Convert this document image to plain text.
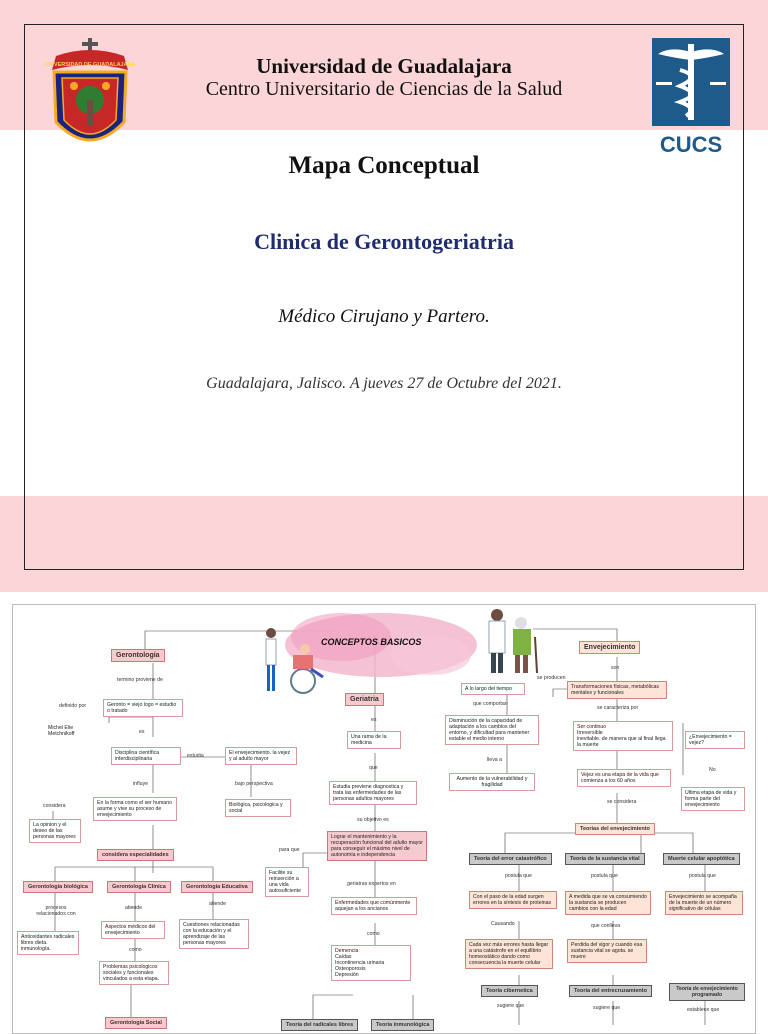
UNIVERSIDAD DE GUADALAJARA
CUCS
Universidad de Guadalajara
Centro Universitario de Ciencias de la Salud
Mapa Conceptual
Clinica de Gerontogeriatria
Médico Cirujano y Partero.
Guadalajara, Jalisco. A jueves 27 de Octubre del 2021.
CONCEPTOS BASICOS
Gerontología
termino proviene de
Geronto = viejo logo = estudio o tratado
definido por
Michel Elie Metchnikoff	es
Disciplina científica interdisciplinaria	estudia	El envejecimiento. la vejez y al adulto mayor
bajo perspectiva
Biológica, psicologica y social
influye
En la forma como el ser humano asume y vive su proceso de envejecimiento
considera
La opinion y el deseo de las personas mayores
considera especialidades
Gerontología biológica
procesos relacionados con
Antioxidantes radicales libres dieta. inmunología.
Gerontología Clínica
atiende
Aspectos médicos del envejecimiento
como
Problemas psicologicos sociales y funcionales vinculados a esta etapa.
Gerontología Educativa
atiende
Cuestiones relacionadas con la educación y el aprendizaje de las personas mayores
Gerontologia Social
Geriatria
es
Una rama de la medicina
que
Estudia previene diagnostica y trata las enfermedades de las personas adultos mayores
su objetivo es
Lograr el mantenimiento y la recuperación funcional del adulto mayor para conseguir el máximo nivel de autonomía e independencia
para que
Facilite su reinserción a una vida autosuficiente
geriatras expertos en
Enfermedades que comúnmente aquejan a los ancianos
como
Demencia
Caídas
Incontinencia urinaria
Osteoporosis
Depresión
Teoría del radicales libres	Teoría inmunológica
Envejecimiento
son
Transformaciones físicas, metabólicas mentales y funcionales
se producen
A lo largo del tiempo
que comportan
Disminución de la capacidad de adaptación a los cambios del entorno, y dificultad para mantener estable el medio interno
lleva a
Aumento de la vulnerabilidad y fragilidad
se caracteriza por
Ser continuo
Irreversible
inevitable. de manera que al final llega la muerte
¿Envejecimiento = vejez?
No
Vejez es una etapa de la vida que comienza a los 60 años
se considera
Ultima etapa de vida y forma parte del envejecimiento
Teorias del envejecimiento
Teoría del error catastrófico
postula que
Con el paso de la edad surgen errores en la síntesis de proteinas
Causando
Cada vez más errores hasta llegar a una catástrofe en el equilibrio homeostático dando como consecuencia la muerte celular
Teoría de la sustancia vital
postula que
A medida que se va consumiendo la sustancia se producen cambios con la edad
que conlleva
Perdida del vigor y cuando esa sustancia vital se agota. se muere
Muerte celular apoptótica
postula que
Envejecimiento se acompaña de la muerte de un número significativo de células
Teoría cibernetica
sugiere que
Teoría del entrecruzamiento
sugiere que
Teoría de envejecimiento programado
establece que
